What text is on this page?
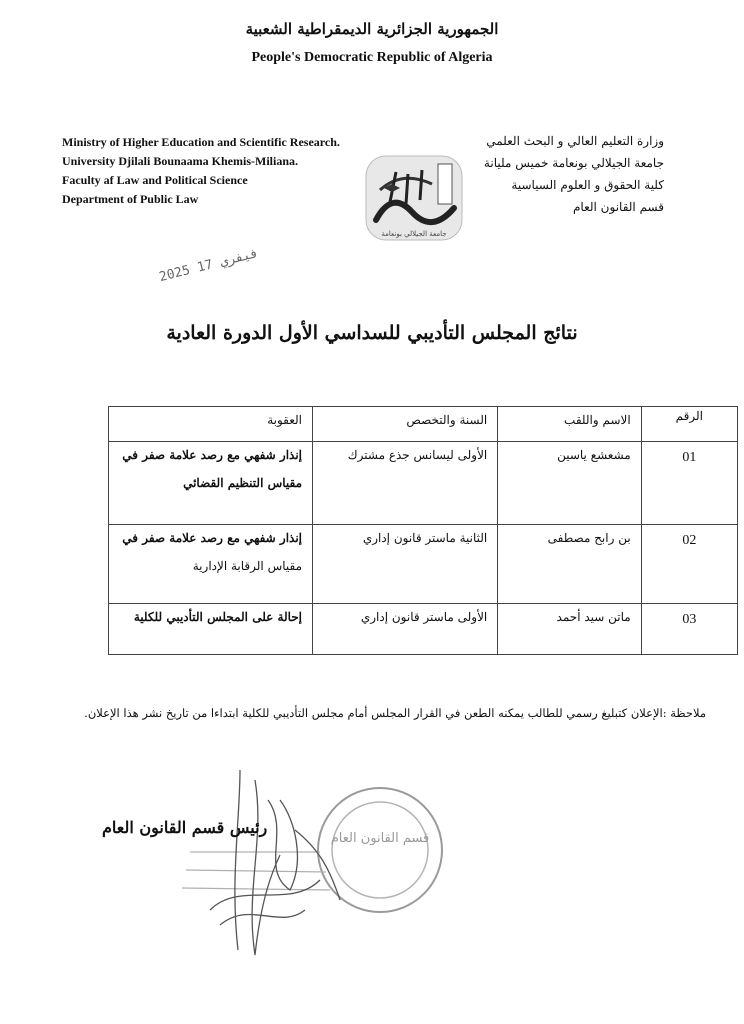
الجمهورية الجزائرية الديمقراطية الشعبية
People's Democratic Republic of Algeria
Ministry of Higher Education and Scientific Research.
University Djilali Bounaama Khemis-Miliana.
Faculty af Law and Political Science
Department of Public Law
وزارة التعليم العالي و البحث العلمي
جامعة الجيلالي بونعامة خميس مليانة
كلية الحقوق و العلوم السياسية
قسم القانون العام
جامعة الجيلالي بونعامة
2025 فيفري 17
نتائج المجلس التأديبي للسداسي الأول الدورة العادية
الرقم	الاسم واللقب	السنة والتخصص	العقوبة
01	مشعشع ياسين	الأولى ليسانس جذع مشترك	إنذار شفهي مع رصد علامة صفر في
مقياس التنظيم القضائي

02	بن رابح مصطفى	الثانية ماستر قانون إداري	إنذار شفهي مع رصد علامة صفر في
مقياس الرقابة الإدارية

03	ماتن سيد أحمد	الأولى ماستر قانون إداري	إحالة على المجلس التأديبي للكلية
ملاحظة :الإعلان كتبليغ رسمي للطالب يمكنه الطعن في القرار المجلس أمام مجلس التأديبي للكلية ابتداءا من تاريخ نشر هذا الإعلان.
قسم القانون العام
رئيس قسم القانون العام
